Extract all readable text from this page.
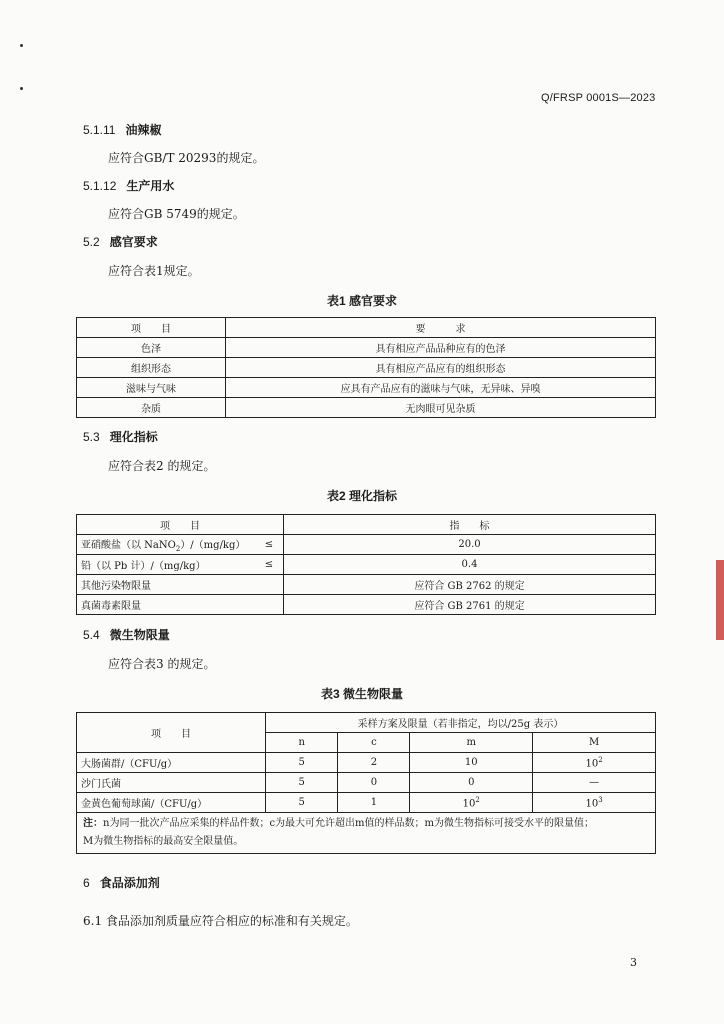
Q/FRSP 0001S—2023
5.1.11 油辣椒
应符合GB/T 20293的规定。
5.1.12 生产用水
应符合GB 5749的规定。
5.2 感官要求
应符合表1规定。
表1 感官要求
项　　目	要　　　求
色泽	具有相应产品品种应有的色泽
组织形态	具有相应产品应有的组织形态
滋味与气味	应具有产品应有的滋味与气味，无异味、异嗅
杂质	无肉眼可见杂质
5.3 理化指标
应符合表2 的规定。
表2 理化指标
项　　目		指　　标
亚硝酸盐（以 NaNO$_2$）/（mg/kg）	≤	20.0
铅（以 Pb 计）/（mg/kg）	≤	0.4
其他污染物限量		应符合 GB 2762 的规定
真菌毒素限量		应符合 GB 2761 的规定
5.4 微生物限量
应符合表3 的规定。
表3 微生物限量
项　　目	采样方案及限量（若非指定，均以/25g 表示）			
	n	c	m	M
大肠菌群/（CFU/g）	5	2	10	$10^2$
沙门氏菌	5	0	0	—
金黄色葡萄球菌/（CFU/g）	5	1	$10^2$	$10^3$
注：n为同一批次产品应采集的样品件数；c为最大可允许超出m值的样品数；m为微生物指标可接受水平的限量值；
M为微生物指标的最高安全限量值。				
6 食品添加剂
6.1 食品添加剂质量应符合相应的标准和有关规定。
3
